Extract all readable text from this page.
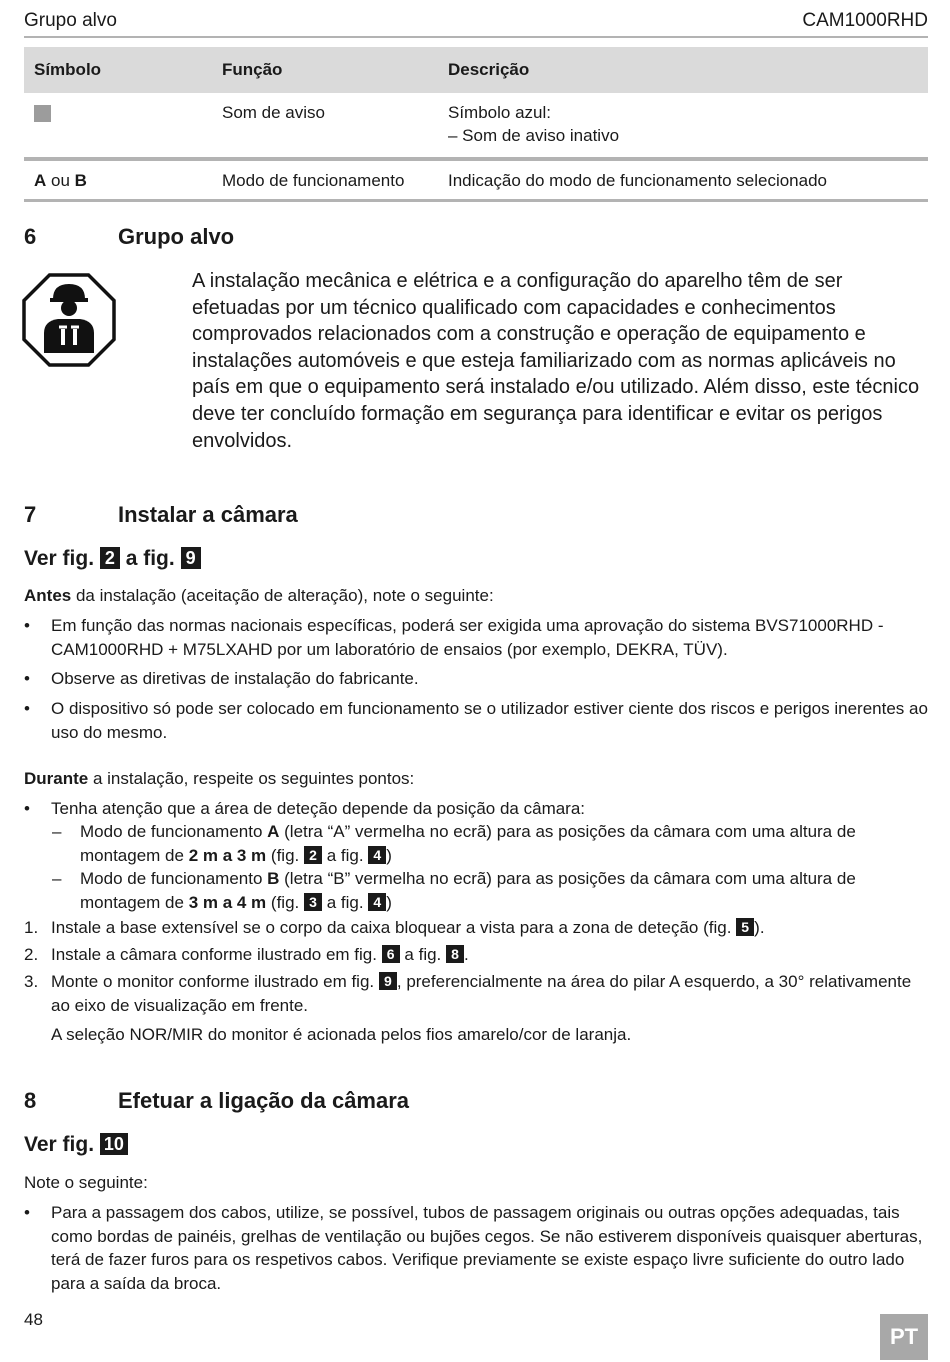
Grupo alvo	CAM1000RHD
Símbolo	Função	Descrição
	Som de aviso	Símbolo azul:
– Som de aviso inativo

A ou B	Modo de funcionamento	Indicação do modo de funcionamento selecionado
6	Grupo alvo
A instalação mecânica e elétrica e a configuração do aparelho têm de ser efetuadas por um técnico qualificado com capacidades e conhecimentos comprovados relacionados com a construção e operação de equipamento e instalações automóveis e que esteja familiarizado com as normas aplicáveis no país em que o equipamento será instalado e/ou utilizado. Além disso, este técnico deve ter concluído formação em segurança para identificar e evitar os perigos envolvidos.
7	Instalar a câmara
Ver fig. 2 a fig. 9
Antes da instalação (aceitação de alteração), note o seguinte:
• Em função das normas nacionais específicas, poderá ser exigida uma aprovação do sistema BVS71000RHD - CAM1000RHD + M75LXAHD por um laboratório de ensaios (por exemplo, DEKRA, TÜV).
• Observe as diretivas de instalação do fabricante.
• O dispositivo só pode ser colocado em funcionamento se o utilizador estiver ciente dos riscos e perigos inerentes ao uso do mesmo.
Durante a instalação, respeite os seguintes pontos:
• Tenha atenção que a área de deteção depende da posição da câmara:
– Modo de funcionamento A (letra “A” vermelha no ecrã) para as posições da câmara com uma altura de montagem de 2 m a 3 m (fig. 2 a fig. 4 )
– Modo de funcionamento B (letra “B” vermelha no ecrã) para as posições da câmara com uma altura de montagem de 3 m a 4 m (fig. 3 a fig. 4 )
1. Instale a base extensível se o corpo da caixa bloquear a vista para a zona de deteção (fig. 5 ).
2. Instale a câmara conforme ilustrado em fig. 6 a fig. 8 .
3. Monte o monitor conforme ilustrado em fig. 9 , preferencialmente na área do pilar A esquerdo, a 30° relativamente ao eixo de visualização em frente.
A seleção NOR/MIR do monitor é acionada pelos fios amarelo/cor de laranja.
8	Efetuar a ligação da câmara
Ver fig. 10
Note o seguinte:
• Para a passagem dos cabos, utilize, se possível, tubos de passagem originais ou outras opções adequadas, tais como bordas de painéis, grelhas de ventilação ou bujões cegos. Se não estiverem disponíveis quaisquer aberturas, terá de fazer furos para os respetivos cabos. Verifique previamente se existe espaço livre suficiente do outro lado para a saída da broca.
48
PT
